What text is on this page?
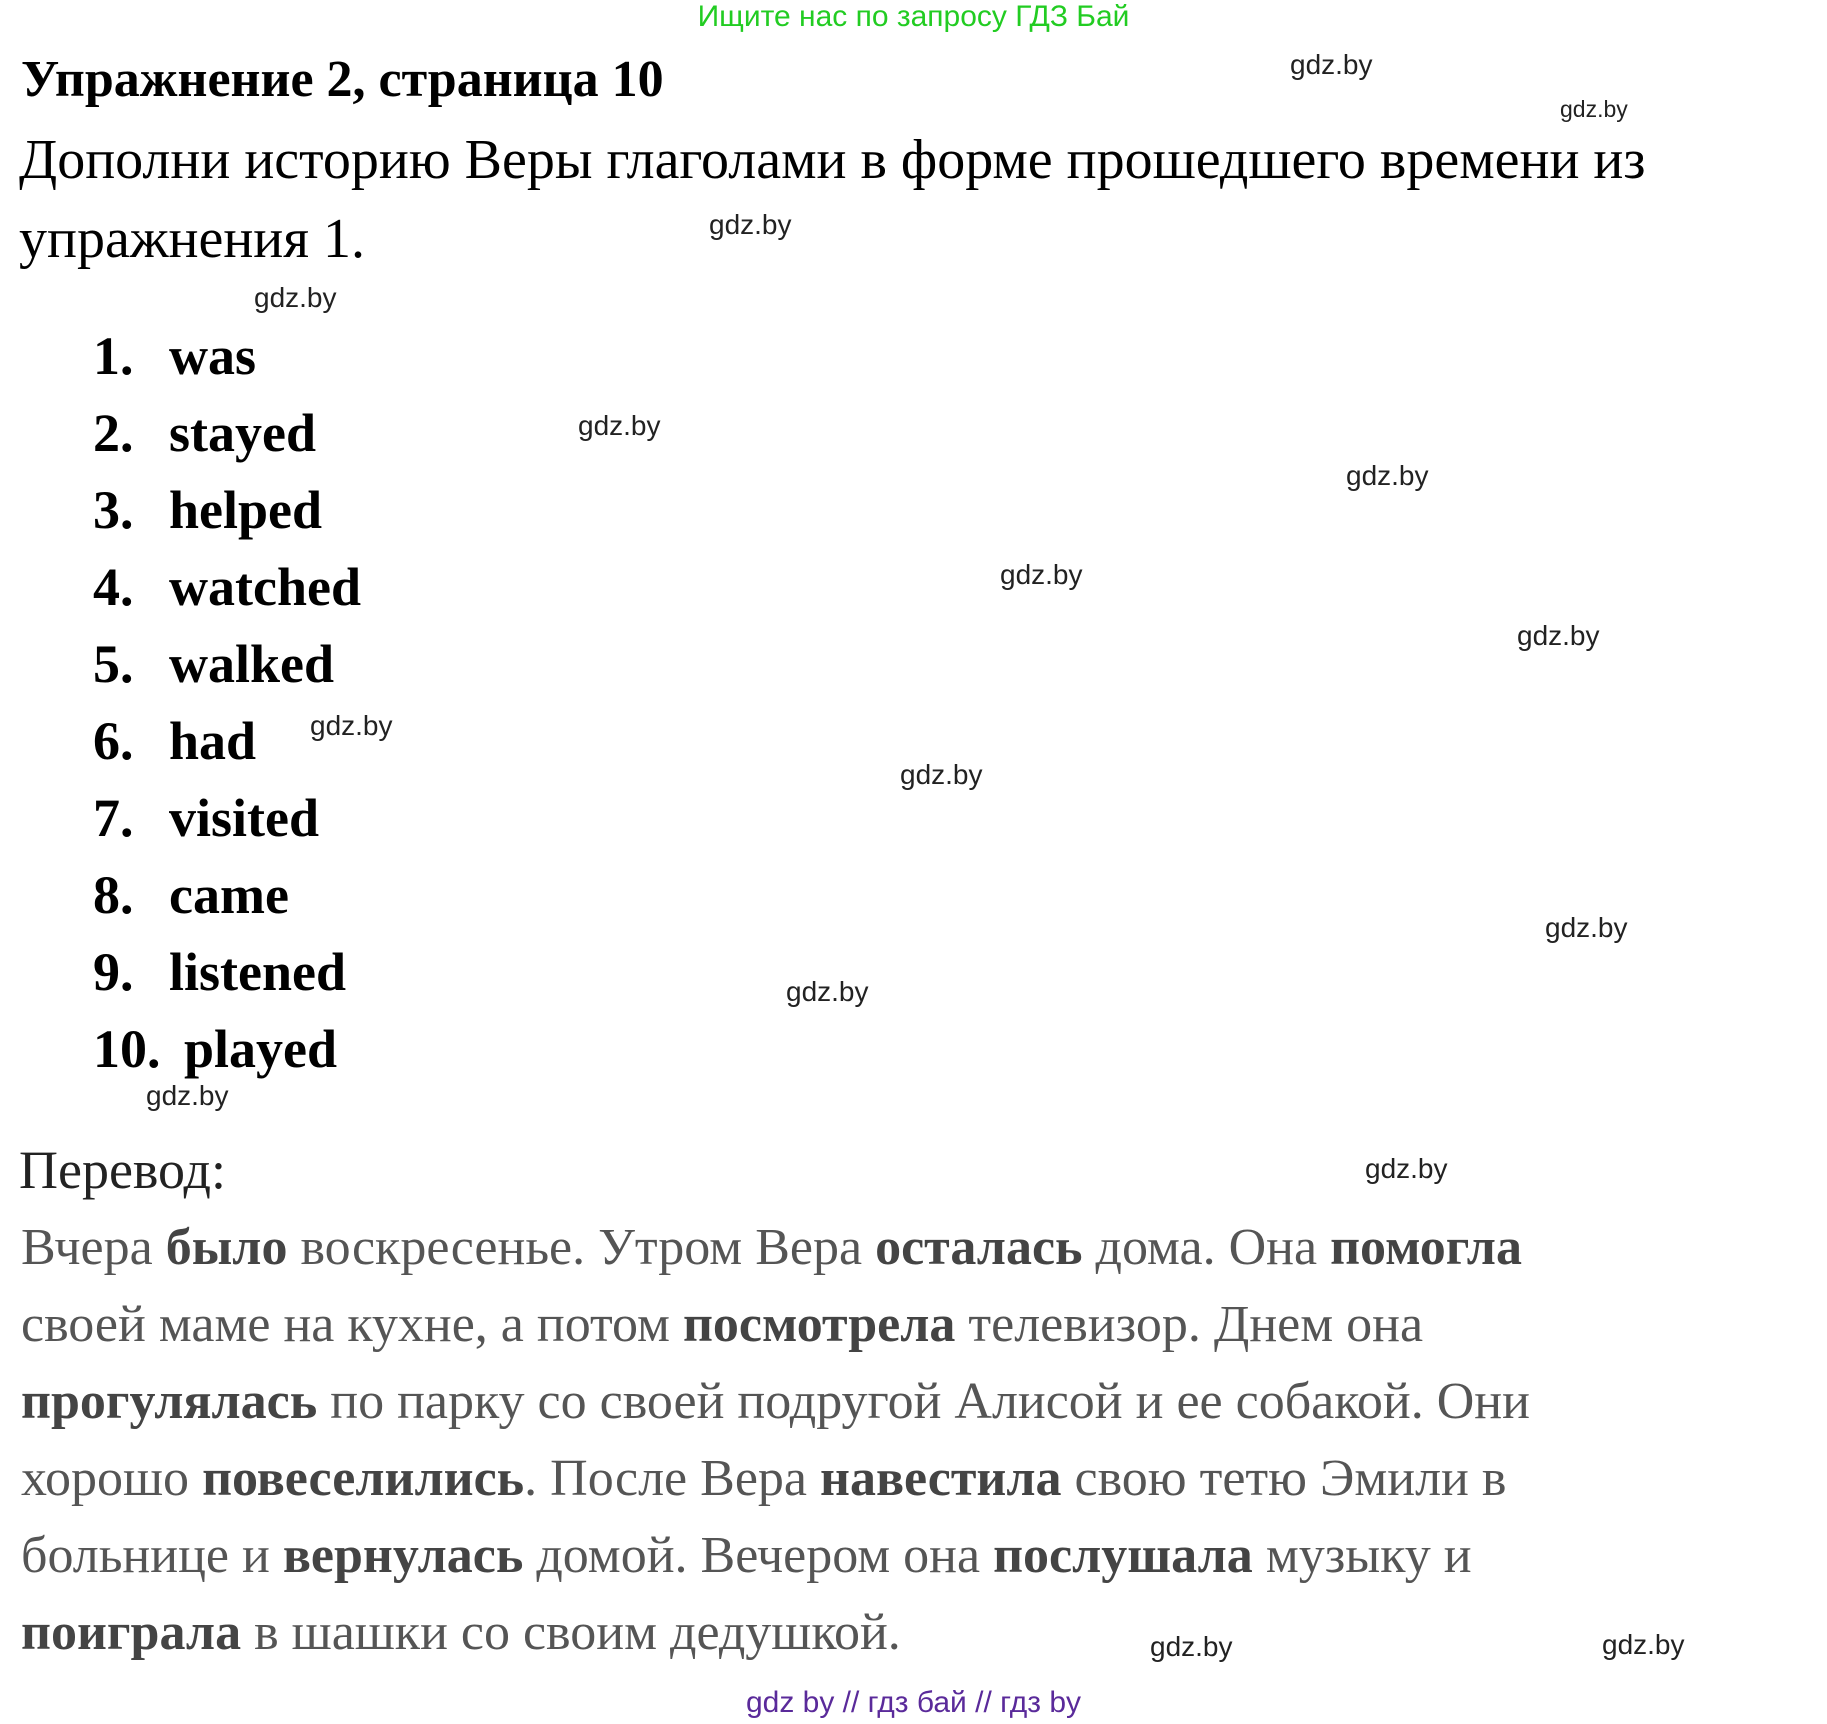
Ищите нас по запросу ГДЗ Бай
Упражнение 2, страница 10
Дополни историю Веры глаголами в форме прошедшего времени из
упражнения 1.
1. was
2. stayed
3. helped
4. watched
5. walked
6. had
7. visited
8. came
9. listened
10. played
Перевод:
Вчера было воскресенье. Утром Вера осталась дома. Она помогла
своей маме на кухне, а потом посмотрела телевизор. Днем она
прогулялась по парку со своей подругой Алисой и ее собакой. Они
хорошо повеселились. После Вера навестила свою тетю Эмили в
больнице и вернулась домой. Вечером она послушала музыку и
поиграла в шашки со своим дедушкой.
gdz.by
gdz.by
gdz.by
gdz.by
gdz.by
gdz.by
gdz.by
gdz.by
gdz.by
gdz.by
gdz.by
gdz.by
gdz.by
gdz.by
gdz.by	gdz.by
gdz by // гдз бай // гдз by
